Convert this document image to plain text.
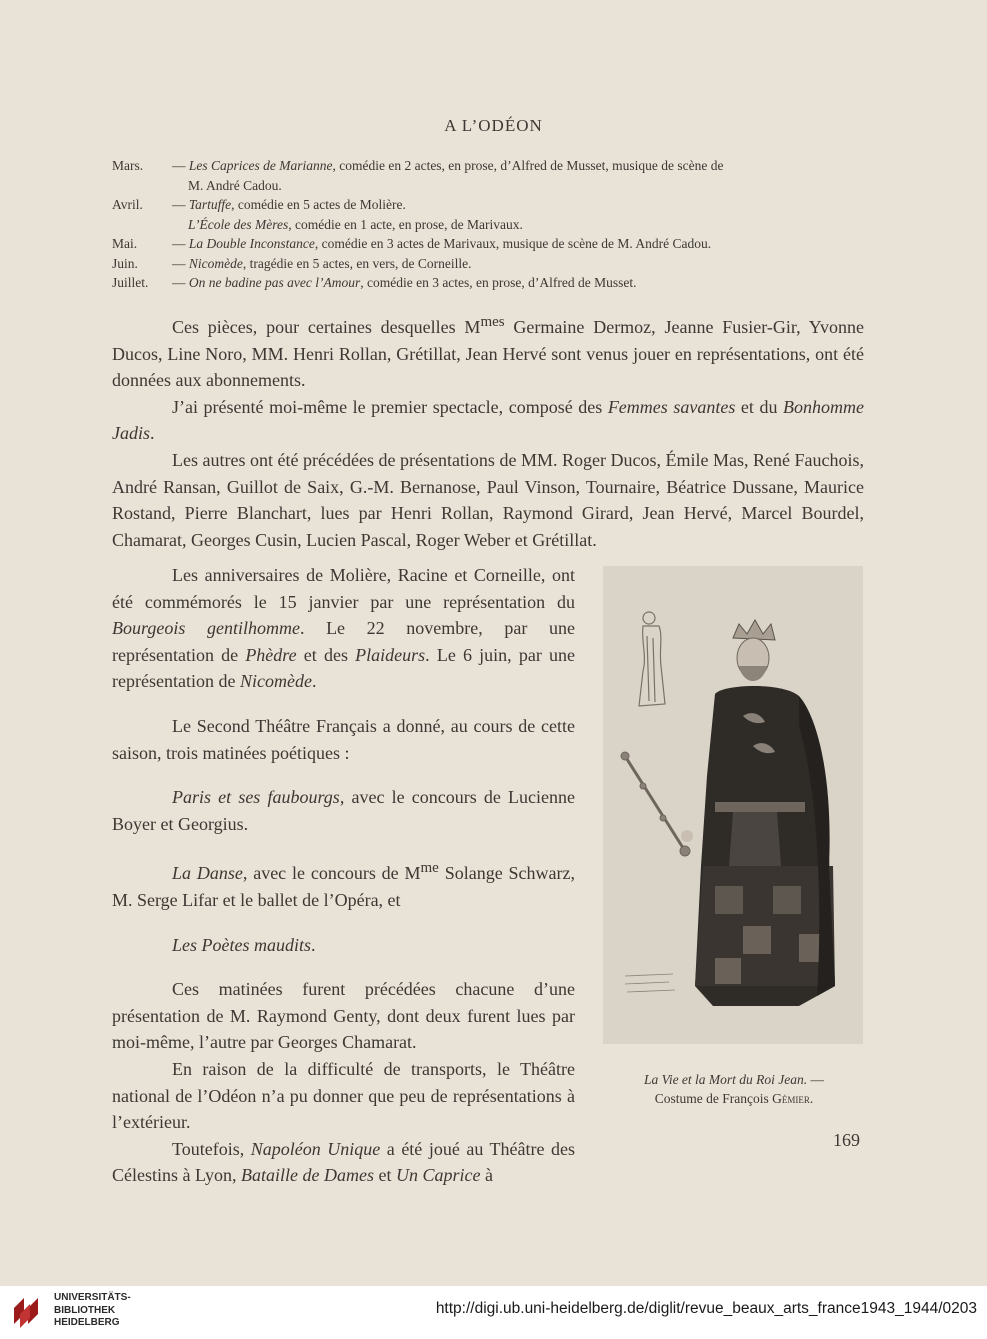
A L’ODÉON
Mars.	— Les Caprices de Marianne, comédie en 2 actes, en prose, d’Alfred de Musset, musique de scène de
M. André Cadou.
Avril.	— Tartuffe, comédie en 5 actes de Molière.
L’École des Mères, comédie en 1 acte, en prose, de Marivaux.
Mai.	— La Double Inconstance, comédie en 3 actes de Marivaux, musique de scène de M. André Cadou.
Juin.	— Nicomède, tragédie en 5 actes, en vers, de Corneille.
Juillet.	— On ne badine pas avec l’Amour, comédie en 3 actes, en prose, d’Alfred de Musset.

Ces pièces, pour certaines desquelles $M^{mes}$ Germaine Dermoz, Jeanne Fusier-Gir, Yvonne Ducos, Line Noro, MM. Henri Rollan, Grétillat, Jean Hervé sont venus jouer en représentations, ont été données aux abonnements.

J’ai présenté moi-même le premier spectacle, composé des Femmes savantes et du Bonhomme Jadis.

Les autres ont été précédées de présentations de MM. Roger Ducos, Émile Mas, René Fauchois, André Ransan, Guillot de Saix, G.-M. Bernanose, Paul Vinson, Tournaire, Béatrice Dussane, Maurice Rostand, Pierre Blanchart, lues par Henri Rollan, Raymond Girard, Jean Hervé, Marcel Bourdel, Chamarat, Georges Cusin, Lucien Pascal, Roger Weber et Grétillat.

Les anniversaires de Molière, Racine et Corneille, ont été commémorés le 15 janvier par une représentation du Bourgeois gentilhomme. Le 22 novembre, par une représentation de Phèdre et des Plaideurs. Le 6 juin, par une représentation de Nicomède.

Le Second Théâtre Français a donné, au cours de cette saison, trois matinées poétiques :

Paris et ses faubourgs, avec le concours de Lucienne Boyer et Georgius.

La Danse, avec le concours de $M^{me}$ Solange Schwarz, M. Serge Lifar et le ballet de l’Opéra, et

Les Poètes maudits.

Ces matinées furent précédées chacune d’une présentation de M. Raymond Genty, dont deux furent lues par moi-même, l’autre par Georges Chamarat.

En raison de la difficulté de transports, le Théâtre national de l’Odéon n’a pu donner que peu de représentations à l’extérieur.

Toutefois, Napoléon Unique a été joué au Théâtre des Célestins à Lyon, Bataille de Dames et Un Caprice à

La Vie et la Mort du Roi Jean. —
Costume de François Gémier.
169
UNIVERSITÄTS-
BIBLIOTHEK
HEIDELBERG
http://digi.ub.uni-heidelberg.de/diglit/revue_beaux_arts_france1943_1944/0203
